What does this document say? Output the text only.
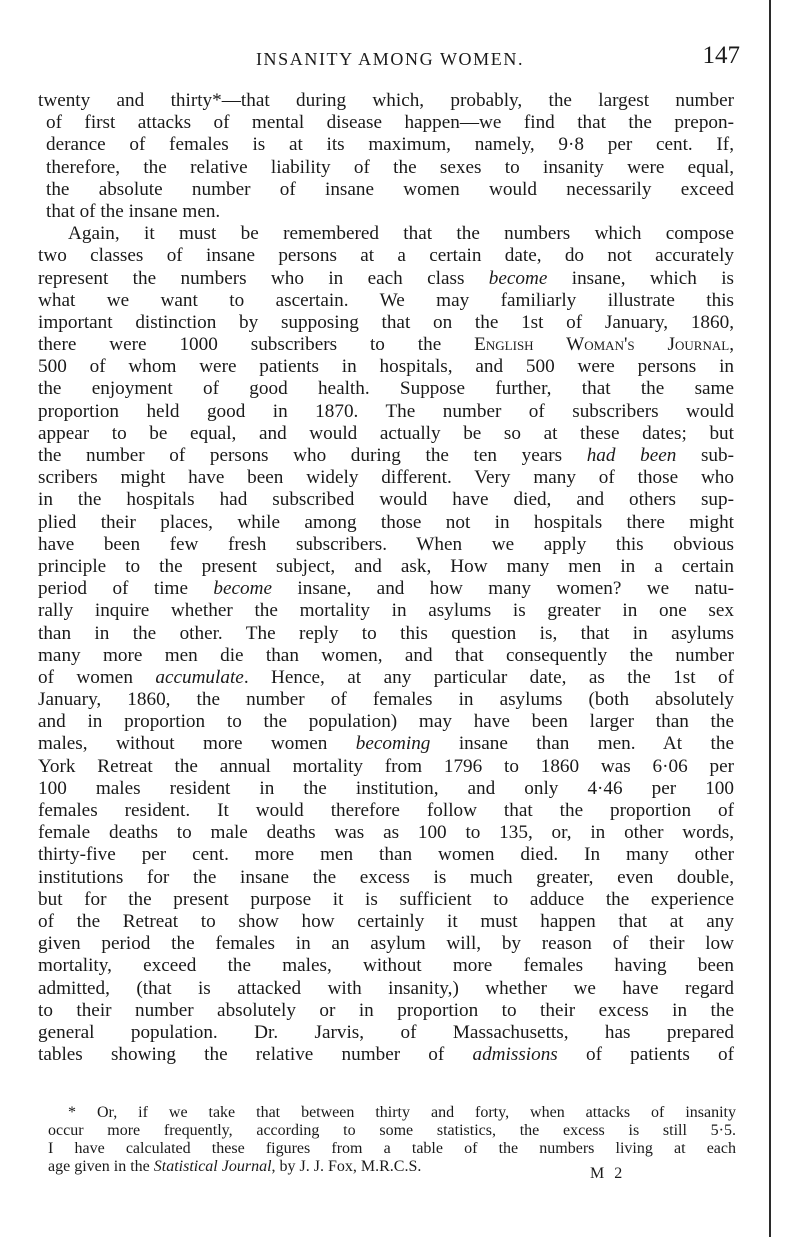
INSANITY AMONG WOMEN.	147
twenty and thirty*—that during which, probably, the largest number
of first attacks of mental disease happen—we find that the prepon-
derance of females is at its maximum, namely, 9·8 per cent. If,
therefore, the relative liability of the sexes to insanity were equal,
the absolute number of insane women would necessarily exceed
that of the insane men.
Again, it must be remembered that the numbers which compose
two classes of insane persons at a certain date, do not accurately
represent the numbers who in each class become insane, which is
what we want to ascertain. We may familiarly illustrate this
important distinction by supposing that on the 1st of January, 1860,
there were 1000 subscribers to the English Woman's Journal,
500 of whom were patients in hospitals, and 500 were persons in
the enjoyment of good health. Suppose further, that the same
proportion held good in 1870. The number of subscribers would
appear to be equal, and would actually be so at these dates; but
the number of persons who during the ten years had been sub-
scribers might have been widely different. Very many of those who
in the hospitals had subscribed would have died, and others sup-
plied their places, while among those not in hospitals there might
have been few fresh subscribers. When we apply this obvious
principle to the present subject, and ask, How many men in a certain
period of time become insane, and how many women? we natu-
rally inquire whether the mortality in asylums is greater in one sex
than in the other. The reply to this question is, that in asylums
many more men die than women, and that consequently the number
of women accumulate. Hence, at any particular date, as the 1st of
January, 1860, the number of females in asylums (both absolutely
and in proportion to the population) may have been larger than the
males, without more women becoming insane than men. At the
York Retreat the annual mortality from 1796 to 1860 was 6·06 per
100 males resident in the institution, and only 4·46 per 100
females resident. It would therefore follow that the proportion of
female deaths to male deaths was as 100 to 135, or, in other words,
thirty-five per cent. more men than women died. In many other
institutions for the insane the excess is much greater, even double,
but for the present purpose it is sufficient to adduce the experience
of the Retreat to show how certainly it must happen that at any
given period the females in an asylum will, by reason of their low
mortality, exceed the males, without more females having been
admitted, (that is attacked with insanity,) whether we have regard
to their number absolutely or in proportion to their excess in the
general population. Dr. Jarvis, of Massachusetts, has prepared
tables showing the relative number of admissions of patients of
* Or, if we take that between thirty and forty, when attacks of insanity
occur more frequently, according to some statistics, the excess is still 5·5.
I have calculated these figures from a table of the numbers living at each
age given in the Statistical Journal, by J. J. Fox, M.R.C.S.	M 2
